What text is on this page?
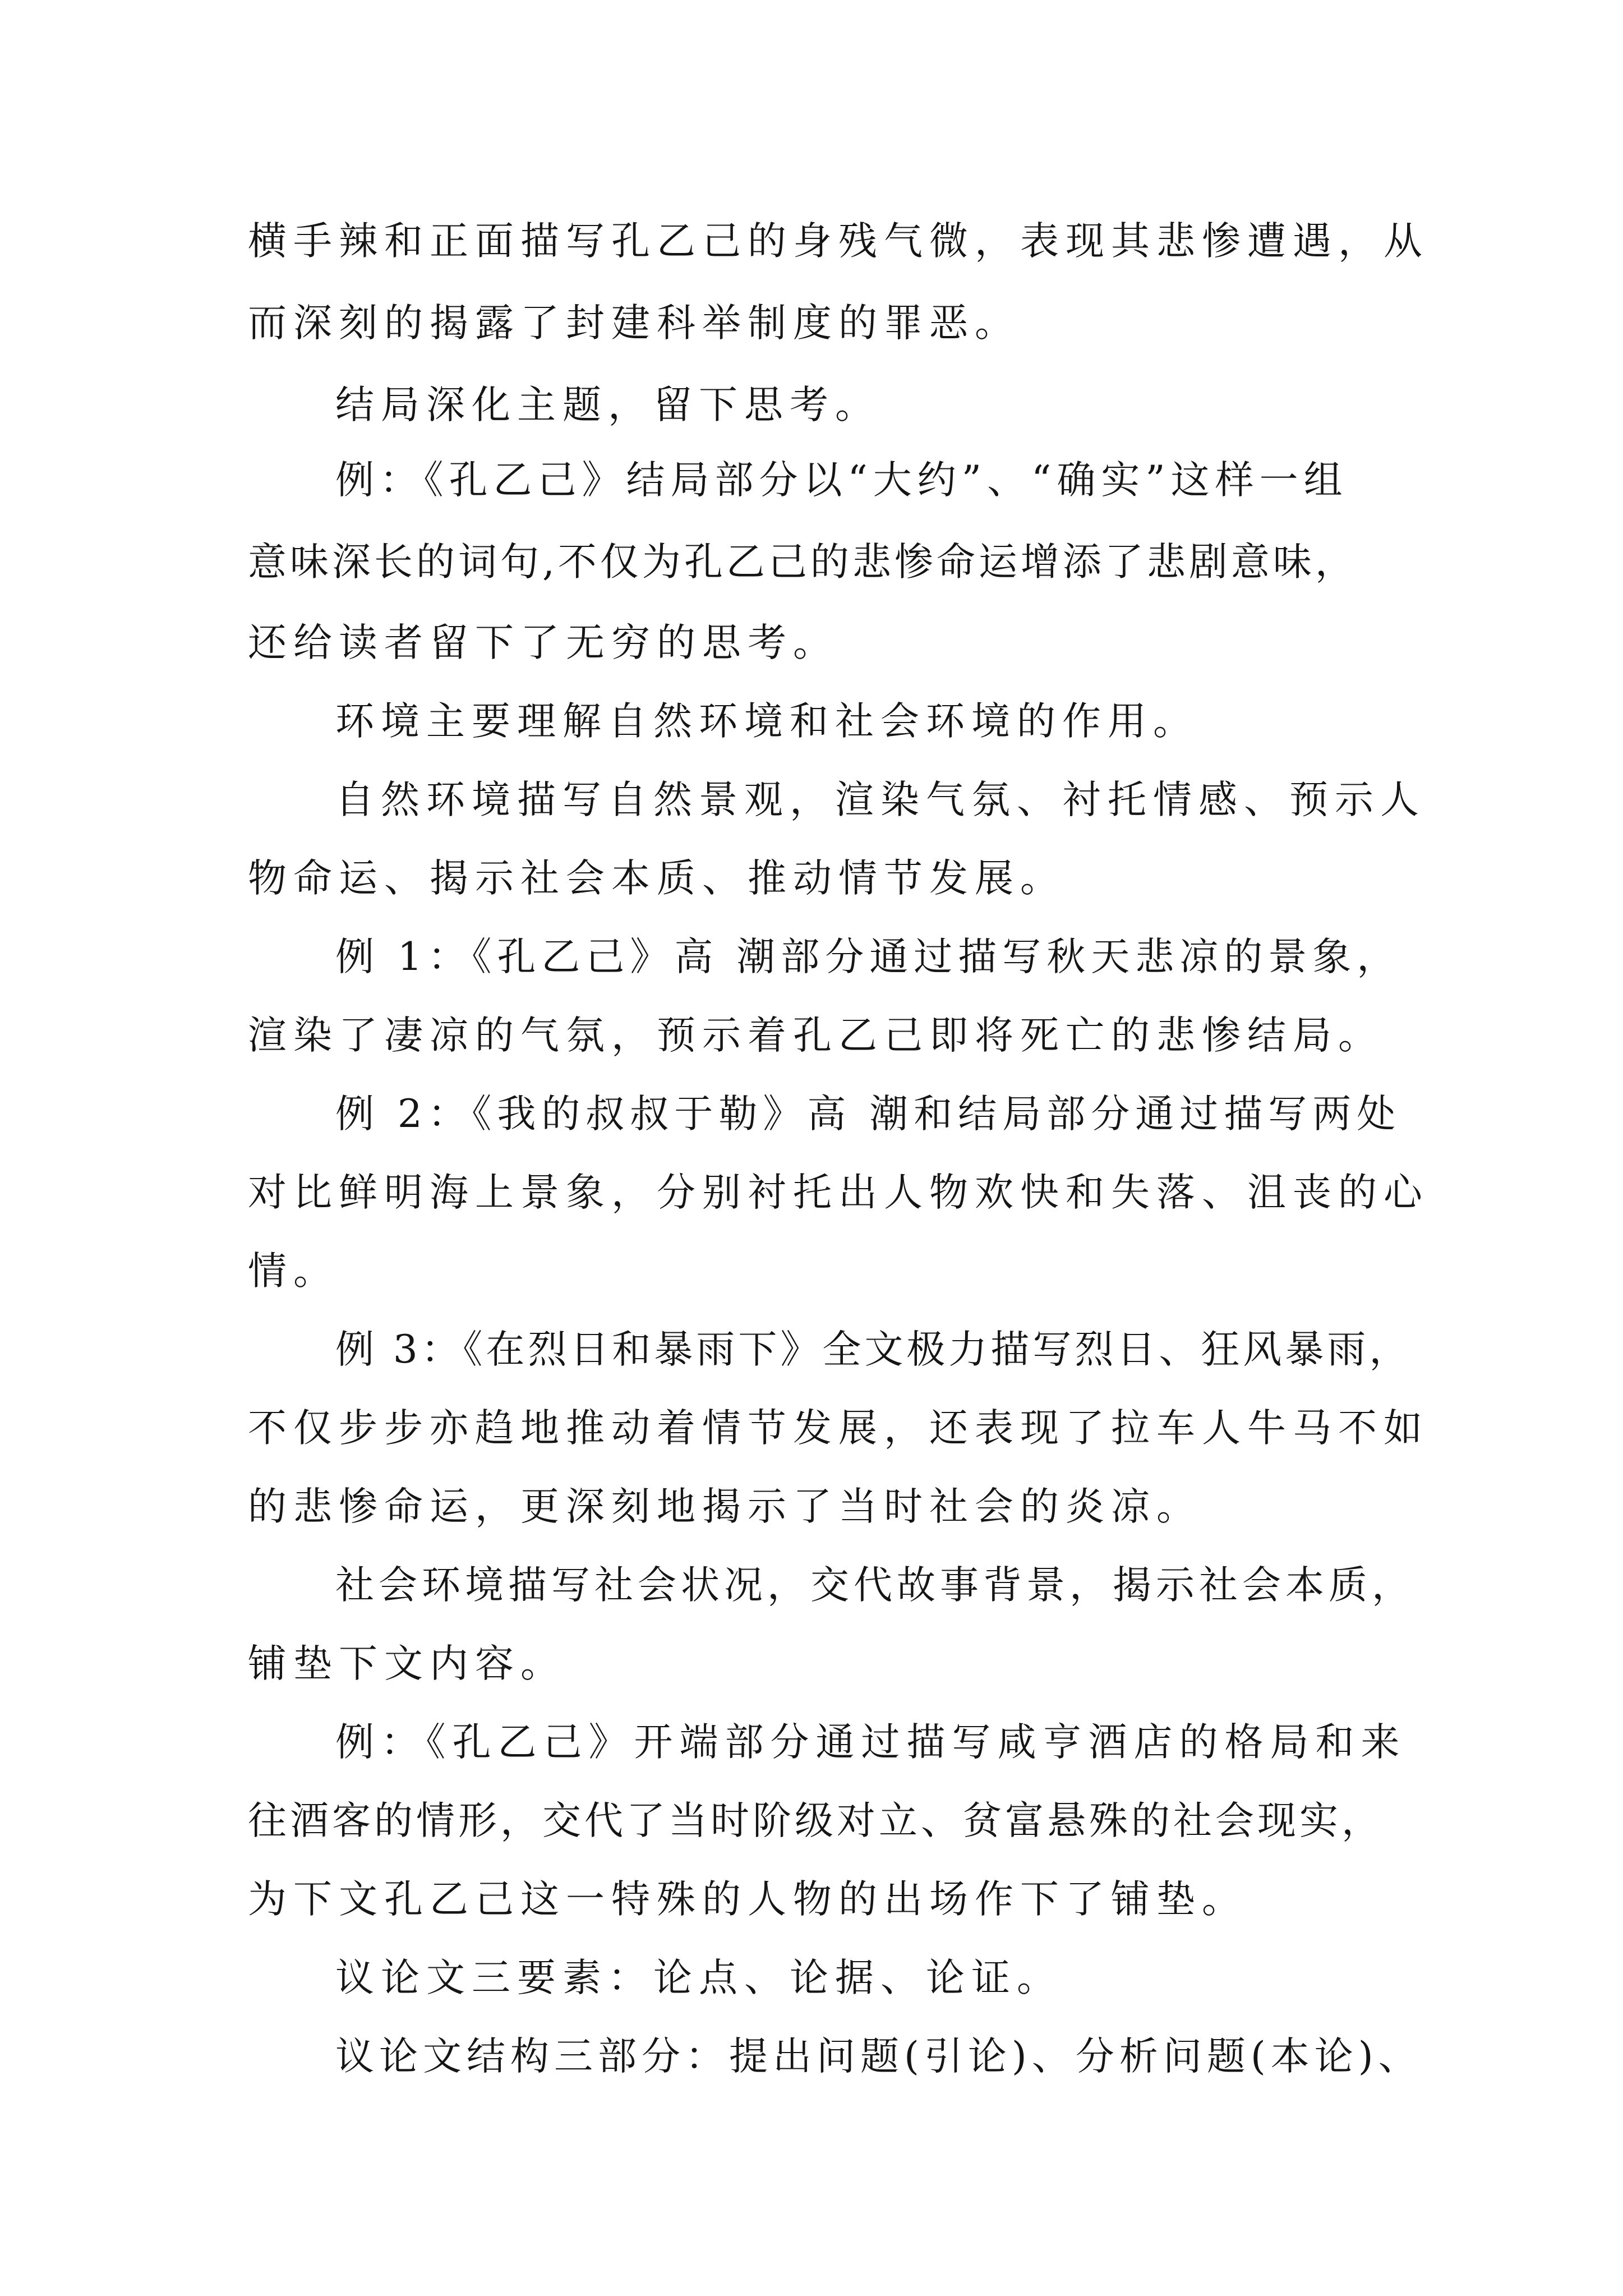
横手辣和正面描写孔乙己的身残气微，表现其悲惨遭遇，从
而深刻的揭露了封建科举制度的罪恶。
结局深化主题，留下思考。
例：《孔乙己》结局部分以“大约”、“确实”这样一组
意味深长的词句,不仅为孔乙己的悲惨命运增添了悲剧意味，
还给读者留下了无穷的思考。
环境主要理解自然环境和社会环境的作用。
自然环境描写自然景观，渲染气氛、衬托情感、预示人
物命运、揭示社会本质、推动情节发展。
例 1：《孔乙己》高 潮部分通过描写秋天悲凉的景象，
渲染了凄凉的气氛，预示着孔乙己即将死亡的悲惨结局。
例 2：《我的叔叔于勒》高 潮和结局部分通过描写两处
对比鲜明海上景象，分别衬托出人物欢快和失落、沮丧的心
情。
例 3：《在烈日和暴雨下》全文极力描写烈日、狂风暴雨，
不仅步步亦趋地推动着情节发展，还表现了拉车人牛马不如
的悲惨命运，更深刻地揭示了当时社会的炎凉。
社会环境描写社会状况，交代故事背景，揭示社会本质，
铺垫下文内容。
例：《孔乙己》开端部分通过描写咸亨酒店的格局和来
往酒客的情形，交代了当时阶级对立、贫富悬殊的社会现实，
为下文孔乙己这一特殊的人物的出场作下了铺垫。
议论文三要素：论点、论据、论证。
议论文结构三部分：提出问题(引论)、分析问题(本论)、
